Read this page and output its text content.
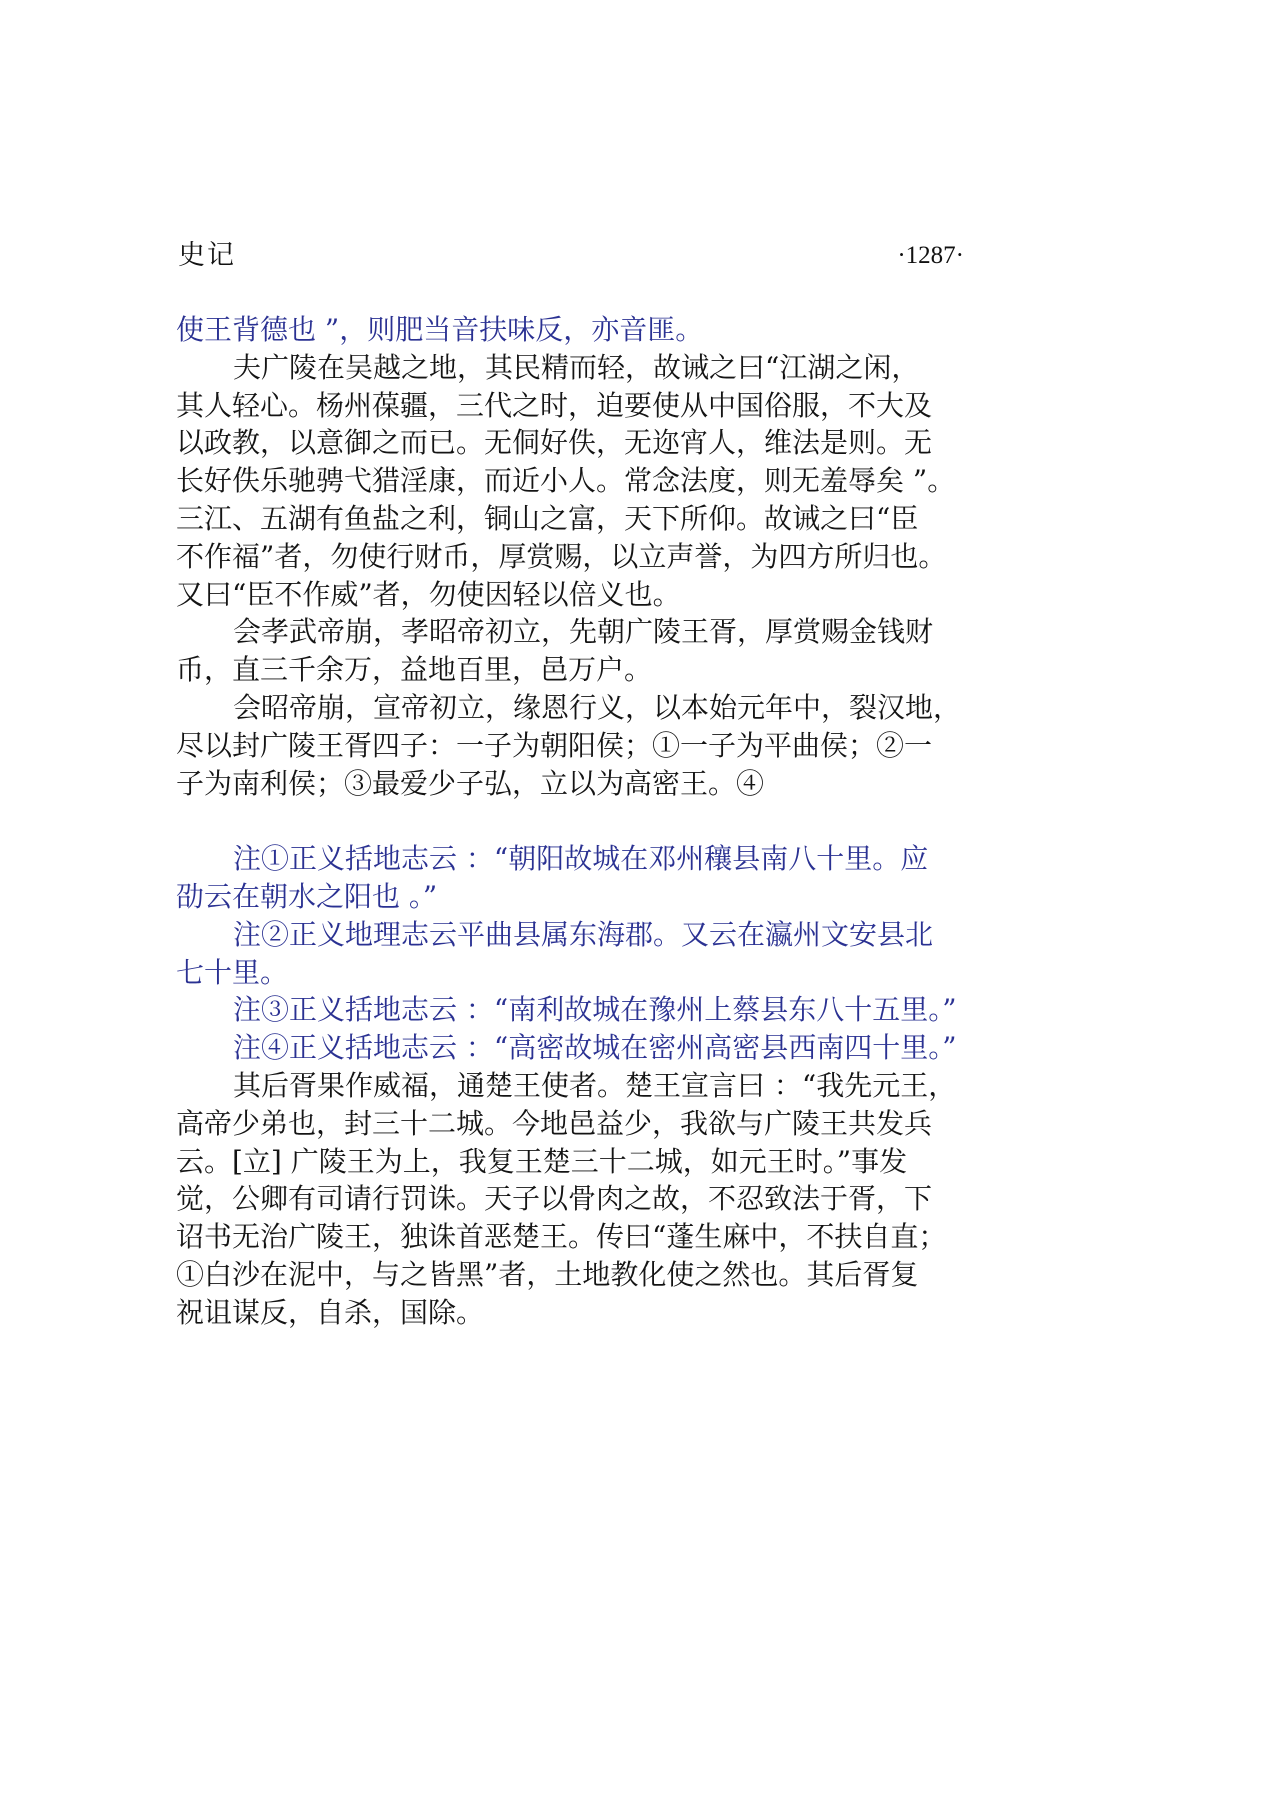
史记	·1287·
使王背德也 ”，则肥当音扶味反，亦音匪。
夫广陵在吴越之地，其民精而轻，故诫之曰“江湖之闲，
其人轻心。杨州葆疆，三代之时，迫要使从中国俗服，不大及
以政教，以意御之而已。无侗好佚，无迩宵人，维法是则。无
长好佚乐驰骋弋猎淫康，而近小人。常念法度，则无羞辱矣 ”。
三江、五湖有鱼盐之利，铜山之富，天下所仰。故诫之曰“臣
不作福”者，勿使行财币，厚赏赐，以立声誉，为四方所归也。
又曰“臣不作威”者，勿使因轻以倍义也。
会孝武帝崩，孝昭帝初立，先朝广陵王胥，厚赏赐金钱财
币，直三千余万，益地百里，邑万户。
会昭帝崩，宣帝初立，缘恩行义，以本始元年中，裂汉地，
尽以封广陵王胥四子：一子为朝阳侯；①一子为平曲侯；②一
子为南利侯；③最爱少子弘，立以为高密王。④
注①正义括地志云 ：“朝阳故城在邓州穰县南八十里。应
劭云在朝水之阳也 。”
注②正义地理志云平曲县属东海郡。又云在瀛州文安县北
七十里。
注③正义括地志云 ：“南利故城在豫州上蔡县东八十五里。”
注④正义括地志云 ：“高密故城在密州高密县西南四十里。”
其后胥果作威福，通楚王使者。楚王宣言曰 ：“我先元王，
高帝少弟也，封三十二城。今地邑益少，我欲与广陵王共发兵
云。[立] 广陵王为上，我复王楚三十二城，如元王时。”事发
觉，公卿有司请行罚诛。天子以骨肉之故，不忍致法于胥，下
诏书无治广陵王，独诛首恶楚王。传曰“蓬生麻中，不扶自直；
①白沙在泥中，与之皆黑”者，土地教化使之然也。其后胥复
祝诅谋反，自杀，国除。
